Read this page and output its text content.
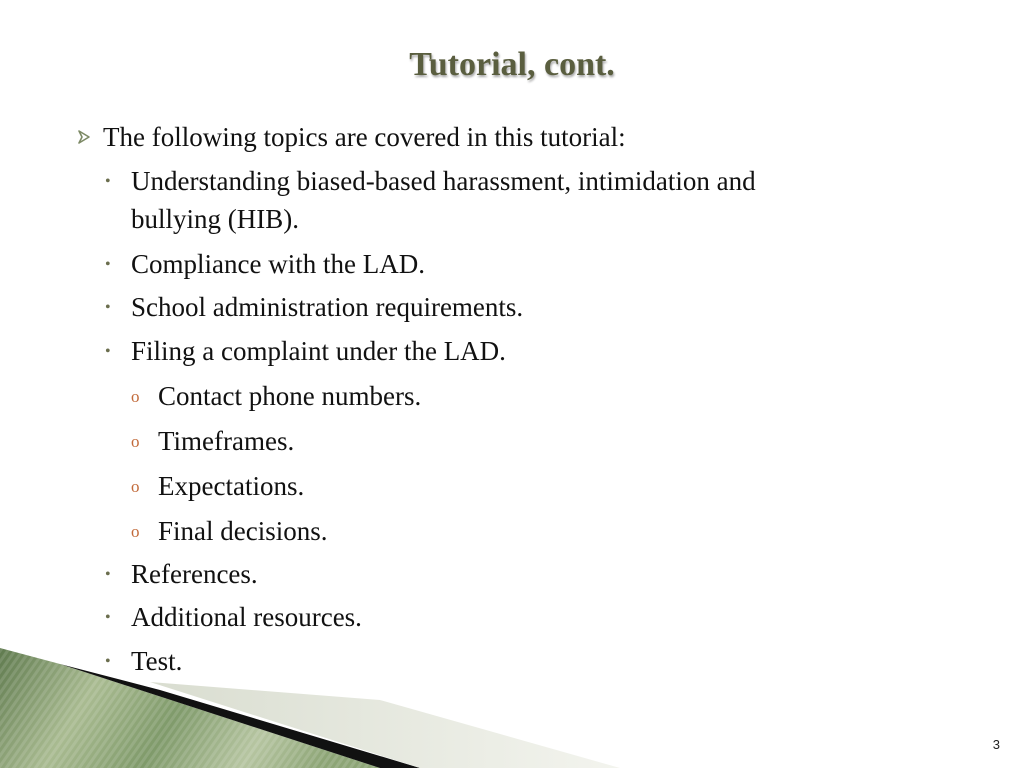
Tutorial, cont.
The following topics are covered in this tutorial:
• Understanding biased-based harassment, intimidation and
bullying (HIB).
• Compliance with the LAD.
• School administration requirements.
• Filing a complaint under the LAD.
o Contact phone numbers.
o Timeframes.
o Expectations.
o Final decisions.
• References.
• Additional resources.
• Test.
3
